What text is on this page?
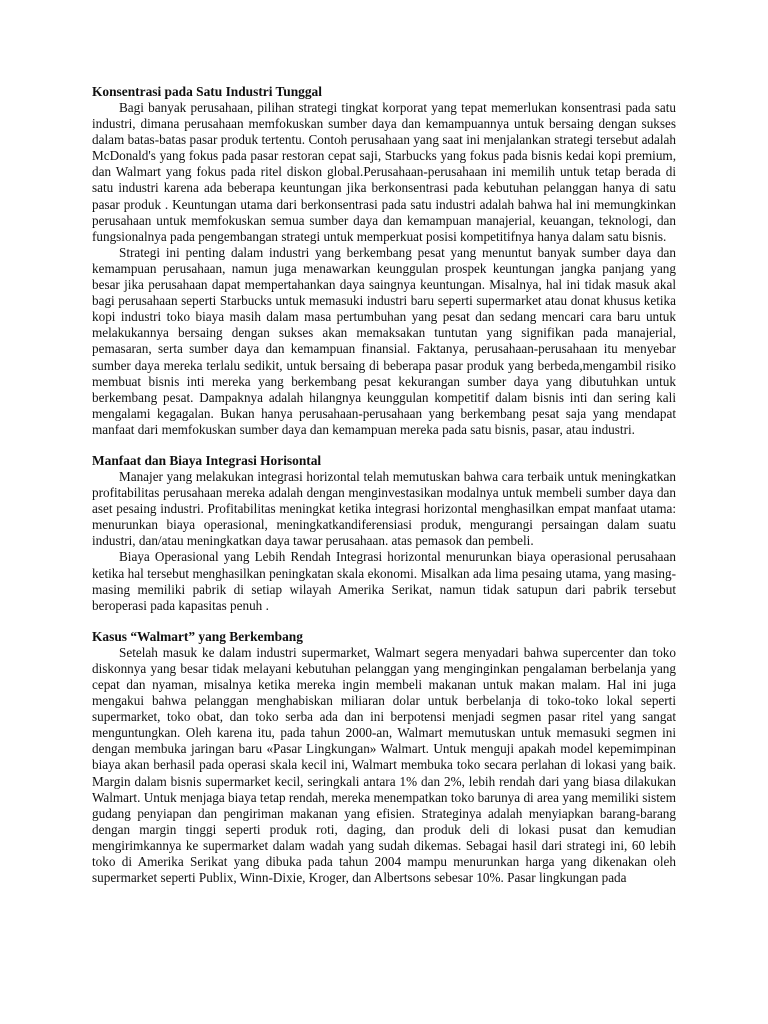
Konsentrasi pada Satu Industri Tunggal

Bagi banyak perusahaan, pilihan strategi tingkat korporat yang tepat memerlukan konsentrasi pada satu industri, dimana perusahaan memfokuskan sumber daya dan kemampuannya untuk bersaing dengan sukses dalam batas-batas pasar produk tertentu. Contoh perusahaan yang saat ini menjalankan strategi tersebut adalah McDonald's yang fokus pada pasar restoran cepat saji, Starbucks yang fokus pada bisnis kedai kopi premium, dan Walmart yang fokus pada ritel diskon global.Perusahaan-perusahaan ini memilih untuk tetap berada di satu industri karena ada beberapa keuntungan jika berkonsentrasi pada kebutuhan pelanggan hanya di satu pasar produk . Keuntungan utama dari berkonsentrasi pada satu industri adalah bahwa hal ini memungkinkan perusahaan untuk memfokuskan semua sumber daya dan kemampuan manajerial, keuangan, teknologi, dan fungsionalnya pada pengembangan strategi untuk memperkuat posisi kompetitifnya hanya dalam satu bisnis.

Strategi ini penting dalam industri yang berkembang pesat yang menuntut banyak sumber daya dan kemampuan perusahaan, namun juga menawarkan keunggulan prospek keuntungan jangka panjang yang besar jika perusahaan dapat mempertahankan daya saingnya keuntungan. Misalnya, hal ini tidak masuk akal bagi perusahaan seperti Starbucks untuk memasuki industri baru seperti supermarket atau donat khusus ketika kopi industri toko biaya masih dalam masa pertumbuhan yang pesat dan sedang mencari cara baru untuk melakukannya bersaing dengan sukses akan memaksakan tuntutan yang signifikan pada manajerial, pemasaran, serta sumber daya dan kemampuan finansial. Faktanya, perusahaan-perusahaan itu menyebar sumber daya mereka terlalu sedikit, untuk bersaing di beberapa pasar produk yang berbeda,mengambil risiko membuat bisnis inti mereka yang berkembang pesat kekurangan sumber daya yang dibutuhkan untuk berkembang pesat. Dampaknya adalah hilangnya keunggulan kompetitif dalam bisnis inti dan sering kali mengalami kegagalan. Bukan hanya perusahaan-perusahaan yang berkembang pesat saja yang mendapat manfaat dari memfokuskan sumber daya dan kemampuan mereka pada satu bisnis, pasar, atau industri.

Manfaat dan Biaya Integrasi Horisontal

Manajer yang melakukan integrasi horizontal telah memutuskan bahwa cara terbaik untuk meningkatkan profitabilitas perusahaan mereka adalah dengan menginvestasikan modalnya untuk membeli sumber daya dan aset pesaing industri. Profitabilitas meningkat ketika integrasi horizontal menghasilkan empat manfaat utama: menurunkan biaya operasional, meningkatkandiferensiasi produk, mengurangi persaingan dalam suatu industri, dan/atau meningkatkan daya tawar perusahaan. atas pemasok dan pembeli.

Biaya Operasional yang Lebih Rendah Integrasi horizontal menurunkan biaya operasional perusahaan ketika hal tersebut menghasilkan peningkatan skala ekonomi. Misalkan ada lima pesaing utama, yang masing-masing memiliki pabrik di setiap wilayah Amerika Serikat, namun tidak satupun dari pabrik tersebut beroperasi pada kapasitas penuh .

Kasus “Walmart” yang Berkembang

Setelah masuk ke dalam industri supermarket, Walmart segera menyadari bahwa supercenter dan toko diskonnya yang besar tidak melayani kebutuhan pelanggan yang menginginkan pengalaman berbelanja yang cepat dan nyaman, misalnya ketika mereka ingin membeli makanan untuk makan malam. Hal ini juga mengakui bahwa pelanggan menghabiskan miliaran dolar untuk berbelanja di toko-toko lokal seperti supermarket, toko obat, dan toko serba ada dan ini berpotensi menjadi segmen pasar ritel yang sangat menguntungkan. Oleh karena itu, pada tahun 2000-an, Walmart memutuskan untuk memasuki segmen ini dengan membuka jaringan baru «Pasar Lingkungan» Walmart. Untuk menguji apakah model kepemimpinan biaya akan berhasil pada operasi skala kecil ini, Walmart membuka toko secara perlahan di lokasi yang baik. Margin dalam bisnis supermarket kecil, seringkali antara 1% dan 2%, lebih rendah dari yang biasa dilakukan Walmart. Untuk menjaga biaya tetap rendah, mereka menempatkan toko barunya di area yang memiliki sistem gudang penyiapan dan pengiriman makanan yang efisien. Strateginya adalah menyiapkan barang-barang dengan margin tinggi seperti produk roti, daging, dan produk deli di lokasi pusat dan kemudian mengirimkannya ke supermarket dalam wadah yang sudah dikemas. Sebagai hasil dari strategi ini, 60 lebih toko di Amerika Serikat yang dibuka pada tahun 2004 mampu menurunkan harga yang dikenakan oleh supermarket seperti Publix, Winn-Dixie, Kroger, dan Albertsons sebesar 10%. Pasar lingkungan pada
